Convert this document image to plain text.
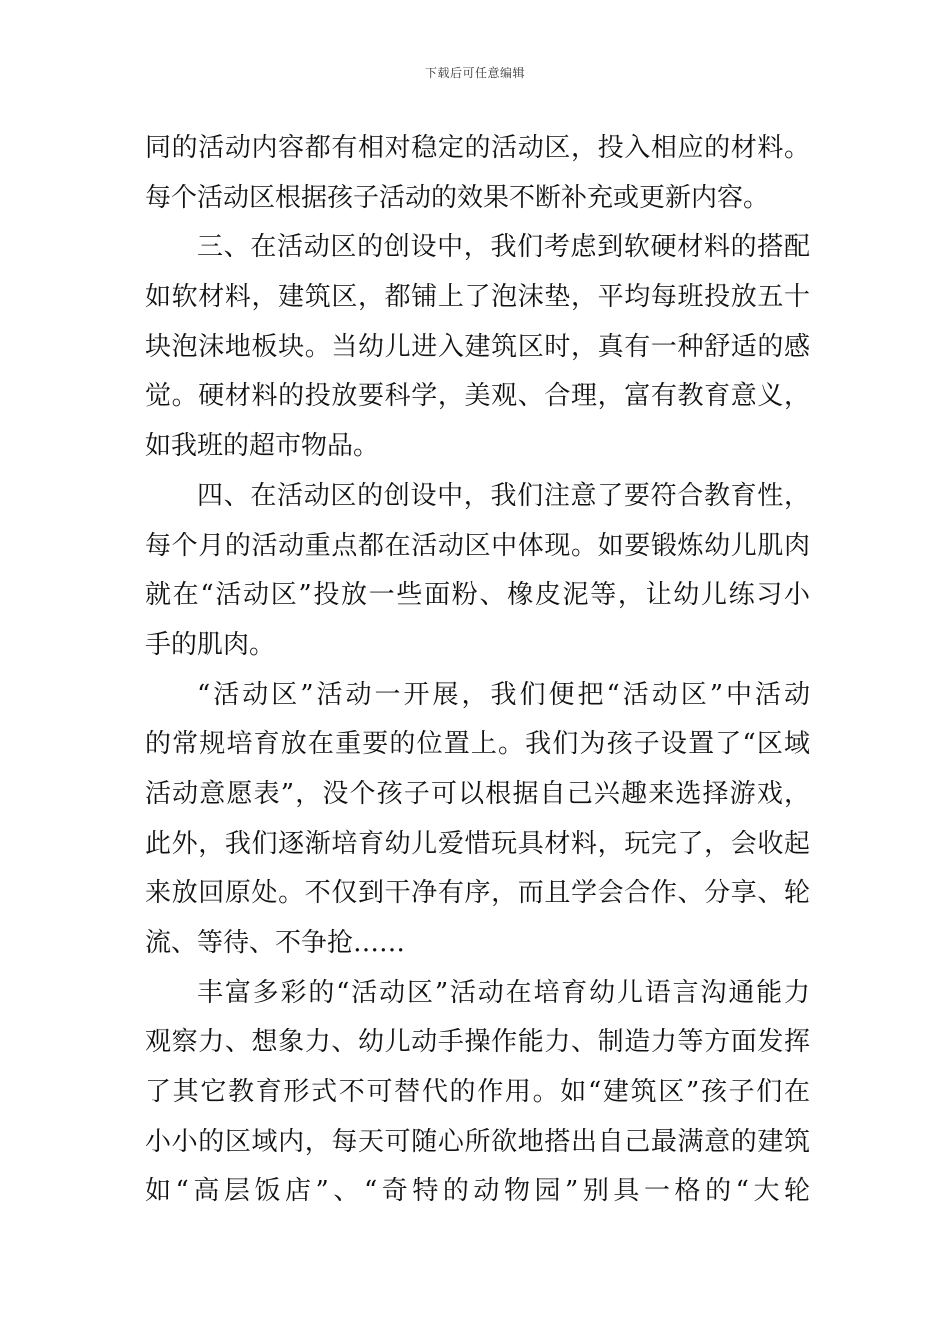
下载后可任意编辑
同的活动内容都有相对稳定的活动区，投入相应的材料。
每个活动区根据孩子活动的效果不断补充或更新内容。
三、在活动区的创设中，我们考虑到软硬材料的搭配
如软材料，建筑区，都铺上了泡沫垫，平均每班投放五十
块泡沫地板块。当幼儿进入建筑区时，真有一种舒适的感
觉。硬材料的投放要科学，美观、合理，富有教育意义，
如我班的超市物品。
四、在活动区的创设中，我们注意了要符合教育性，
每个月的活动重点都在活动区中体现。如要锻炼幼儿肌肉
就在“活动区”投放一些面粉、橡皮泥等，让幼儿练习小
手的肌肉。
“活动区”活动一开展，我们便把“活动区”中活动
的常规培育放在重要的位置上。我们为孩子设置了“区域
活动意愿表”，没个孩子可以根据自己兴趣来选择游戏，
此外，我们逐渐培育幼儿爱惜玩具材料，玩完了，会收起
来放回原处。不仅到干净有序，而且学会合作、分享、轮
流、等待、不争抢……
丰富多彩的“活动区”活动在培育幼儿语言沟通能力
观察力、想象力、幼儿动手操作能力、制造力等方面发挥
了其它教育形式不可替代的作用。如“建筑区”孩子们在
小小的区域内，每天可随心所欲地搭出自己最满意的建筑
如“高层饭店”、“奇特的动物园”别具一格的“大轮
